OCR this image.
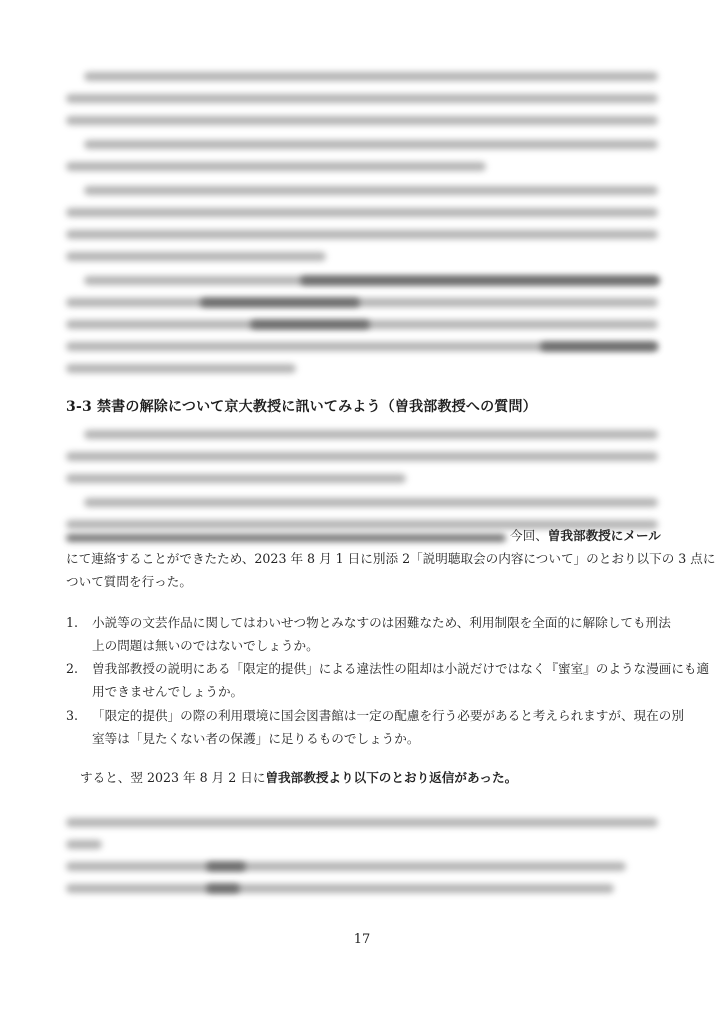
3-3 禁書の解除について京大教授に訊いてみよう（曽我部教授への質問）
今回、曽我部教授にメール
にて連絡することができたため、2023 年 8 月 1 日に別添 2「説明聴取会の内容について」のとおり以下の 3 点に
ついて質問を行った。
1. 小説等の文芸作品に関してはわいせつ物とみなすのは困難なため、利用制限を全面的に解除しても刑法
上の問題は無いのではないでしょうか。
2. 曽我部教授の説明にある「限定的提供」による違法性の阻却は小説だけではなく『蜜室』のような漫画にも適
用できませんでしょうか。
3. 「限定的提供」の際の利用環境に国会図書館は一定の配慮を行う必要があると考えられますが、現在の別
室等は「見たくない者の保護」に足りるものでしょうか。
すると、翌 2023 年 8 月 2 日に曽我部教授より以下のとおり返信があった。
17
